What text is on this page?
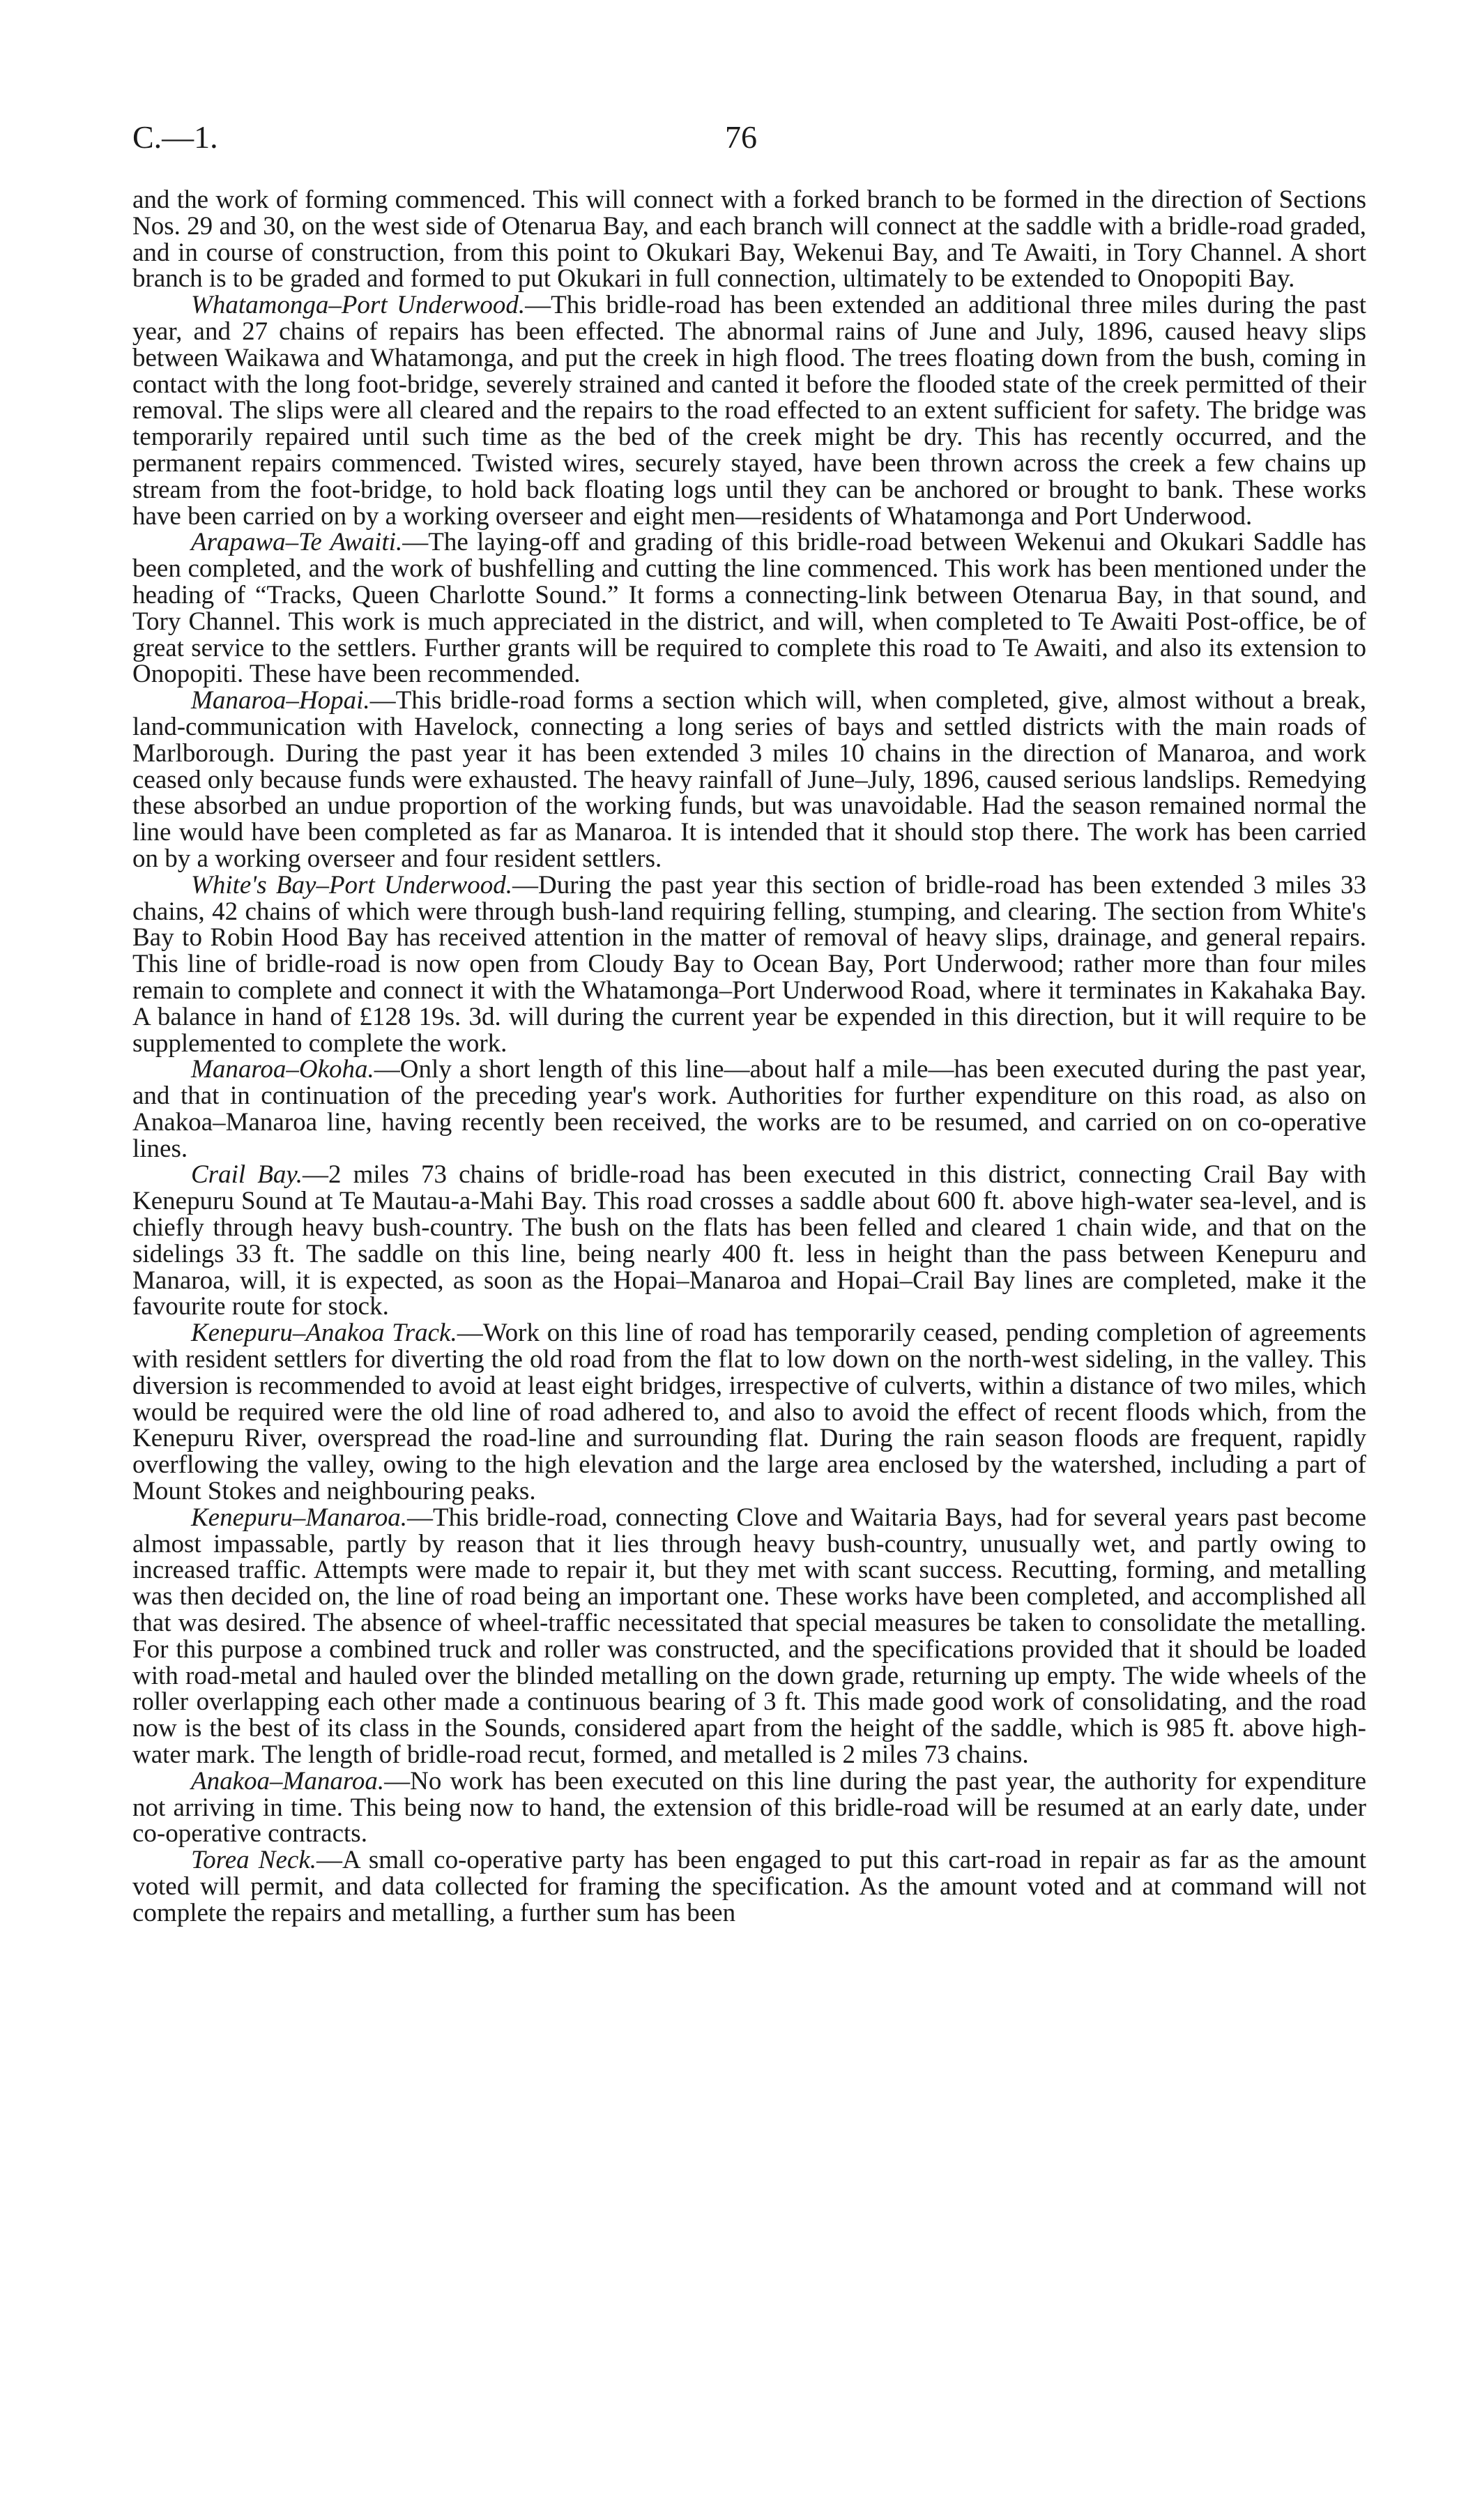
C.—1.	76

and the work of forming commenced. This will connect with a forked branch to be formed in the direction of Sections Nos. 29 and 30, on the west side of Otenarua Bay, and each branch will connect at the saddle with a bridle-road graded, and in course of construction, from this point to Okukari Bay, Wekenui Bay, and Te Awaiti, in Tory Channel. A short branch is to be graded and formed to put Okukari in full connection, ultimately to be extended to Onopopiti Bay.

Whatamonga–Port Underwood.—This bridle-road has been extended an additional three miles during the past year, and 27 chains of repairs has been effected. The abnormal rains of June and July, 1896, caused heavy slips between Waikawa and Whatamonga, and put the creek in high flood. The trees floating down from the bush, coming in contact with the long foot-bridge, severely strained and canted it before the flooded state of the creek permitted of their removal. The slips were all cleared and the repairs to the road effected to an extent sufficient for safety. The bridge was temporarily repaired until such time as the bed of the creek might be dry. This has recently occurred, and the permanent repairs commenced. Twisted wires, securely stayed, have been thrown across the creek a few chains up stream from the foot-bridge, to hold back floating logs until they can be anchored or brought to bank. These works have been carried on by a working overseer and eight men—residents of Whatamonga and Port Underwood.

Arapawa–Te Awaiti.—The laying-off and grading of this bridle-road between Wekenui and Okukari Saddle has been completed, and the work of bushfelling and cutting the line commenced. This work has been mentioned under the heading of “Tracks, Queen Charlotte Sound.” It forms a connecting-link between Otenarua Bay, in that sound, and Tory Channel. This work is much appreciated in the district, and will, when completed to Te Awaiti Post-office, be of great service to the settlers. Further grants will be required to complete this road to Te Awaiti, and also its extension to Onopopiti. These have been recommended.

Manaroa–Hopai.—This bridle-road forms a section which will, when completed, give, almost without a break, land-communication with Havelock, connecting a long series of bays and settled districts with the main roads of Marlborough. During the past year it has been extended 3 miles 10 chains in the direction of Manaroa, and work ceased only because funds were exhausted. The heavy rainfall of June–July, 1896, caused serious landslips. Remedying these absorbed an undue proportion of the working funds, but was unavoidable. Had the season remained normal the line would have been completed as far as Manaroa. It is intended that it should stop there. The work has been carried on by a working overseer and four resident settlers.

White's Bay–Port Underwood.—During the past year this section of bridle-road has been extended 3 miles 33 chains, 42 chains of which were through bush-land requiring felling, stumping, and clearing. The section from White's Bay to Robin Hood Bay has received attention in the matter of removal of heavy slips, drainage, and general repairs. This line of bridle-road is now open from Cloudy Bay to Ocean Bay, Port Underwood; rather more than four miles remain to complete and connect it with the Whatamonga–Port Underwood Road, where it terminates in Kakahaka Bay. A balance in hand of £128 19s. 3d. will during the current year be expended in this direction, but it will require to be supplemented to complete the work.

Manaroa–Okoha.—Only a short length of this line—about half a mile—has been executed during the past year, and that in continuation of the preceding year's work. Authorities for further expenditure on this road, as also on Anakoa–Manaroa line, having recently been received, the works are to be resumed, and carried on on co-operative lines.

Crail Bay.—2 miles 73 chains of bridle-road has been executed in this district, connecting Crail Bay with Kenepuru Sound at Te Mautau-a-Mahi Bay. This road crosses a saddle about 600 ft. above high-water sea-level, and is chiefly through heavy bush-country. The bush on the flats has been felled and cleared 1 chain wide, and that on the sidelings 33 ft. The saddle on this line, being nearly 400 ft. less in height than the pass between Kenepuru and Manaroa, will, it is expected, as soon as the Hopai–Manaroa and Hopai–Crail Bay lines are completed, make it the favourite route for stock.

Kenepuru–Anakoa Track.—Work on this line of road has temporarily ceased, pending completion of agreements with resident settlers for diverting the old road from the flat to low down on the north-west sideling, in the valley. This diversion is recommended to avoid at least eight bridges, irrespective of culverts, within a distance of two miles, which would be required were the old line of road adhered to, and also to avoid the effect of recent floods which, from the Kenepuru River, overspread the road-line and surrounding flat. During the rain season floods are frequent, rapidly overflowing the valley, owing to the high elevation and the large area enclosed by the watershed, including a part of Mount Stokes and neighbouring peaks.

Kenepuru–Manaroa.—This bridle-road, connecting Clove and Waitaria Bays, had for several years past become almost impassable, partly by reason that it lies through heavy bush-country, unusually wet, and partly owing to increased traffic. Attempts were made to repair it, but they met with scant success. Recutting, forming, and metalling was then decided on, the line of road being an important one. These works have been completed, and accomplished all that was desired. The absence of wheel-traffic necessitated that special measures be taken to consolidate the metalling. For this purpose a combined truck and roller was constructed, and the specifications provided that it should be loaded with road-metal and hauled over the blinded metalling on the down grade, returning up empty. The wide wheels of the roller overlapping each other made a continuous bearing of 3 ft. This made good work of consolidating, and the road now is the best of its class in the Sounds, considered apart from the height of the saddle, which is 985 ft. above high-water mark. The length of bridle-road recut, formed, and metalled is 2 miles 73 chains.

Anakoa–Manaroa.—No work has been executed on this line during the past year, the authority for expenditure not arriving in time. This being now to hand, the extension of this bridle-road will be resumed at an early date, under co-operative contracts.

Torea Neck.—A small co-operative party has been engaged to put this cart-road in repair as far as the amount voted will permit, and data collected for framing the specification. As the amount voted and at command will not complete the repairs and metalling, a further sum has been
